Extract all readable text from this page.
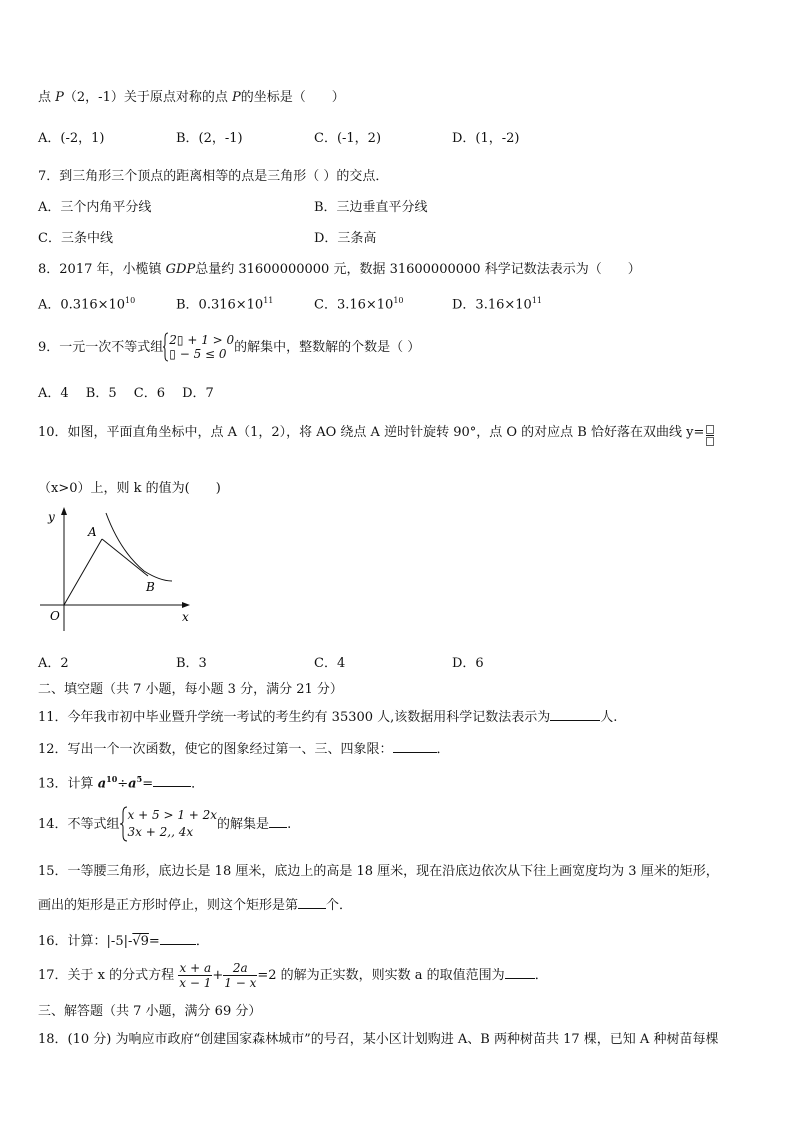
点 P（2，-1）关于原点对称的点 P的坐标是（　　）
A．(-2，1)	B．(2，-1)	C．(-1，2)	D．(1，-2)
7．到三角形三个顶点的距离相等的点是三角形（ ）的交点．
A．三个内角平分线	B．三边垂直平分线
C．三条中线	D．三条高
8．2017 年，小榄镇 GDP总量约 31600000000 元，数据 31600000000 科学记数法表示为（　　）
A．$0.316\times 10^{10}$	B．$0.316\times 10^{11}$	C．$3.16\times 10^{10}$	D．$3.16\times 10^{11}$
9．一元一次不等式组 2▯ + 1 > 0
▯ − 5 ≤ 0 的解集中，整数解的个数是（ ）
A．4　 B．5　 C．6　 D．7
10．如图，平面直角坐标中，点 A（1，2），将 AO 绕点 A 逆时针旋转 90°，点 O 的对应点 B 恰好落在双曲线 y=
（x>0）上，则 k 的值为(　　)
y
x
O
A
B
A．2	B．3	C．4	D．6
二、填空题（共 7 小题，每小题 3 分，满分 21 分）
11．今年我市初中毕业暨升学统一考试的考生约有 35300 人,该数据用科学记数法表示为	人.
12．写出一个一次函数，使它的图象经过第一、三、四象限：	．
13．计算 $a^{10}\div a^5=$	．
14．不等式组
x + 5 > 1 + 2x
3x + 2,, 4x
的解集是 .
15．一等腰三角形，底边长是 18 厘米，底边上的高是 18 厘米，现在沿底边依次从下往上画宽度均为 3 厘米的矩形，
画出的矩形是正方形时停止，则这个矩形是第 个．
16．计算：|-5|-√9=	．
17．关于 x 的分式方程 $\frac{x + a}{x - 1} + \frac{2a}{1 - x} =2$ 的解为正实数，则实数 a 的取值范围为 ．
三、解答题（共 7 小题，满分 69 分）
18．(10 分) 为响应市政府“创建国家森林城市”的号召，某小区计划购进 A、B 两种树苗共 17 棵，已知 A 种树苗每棵
